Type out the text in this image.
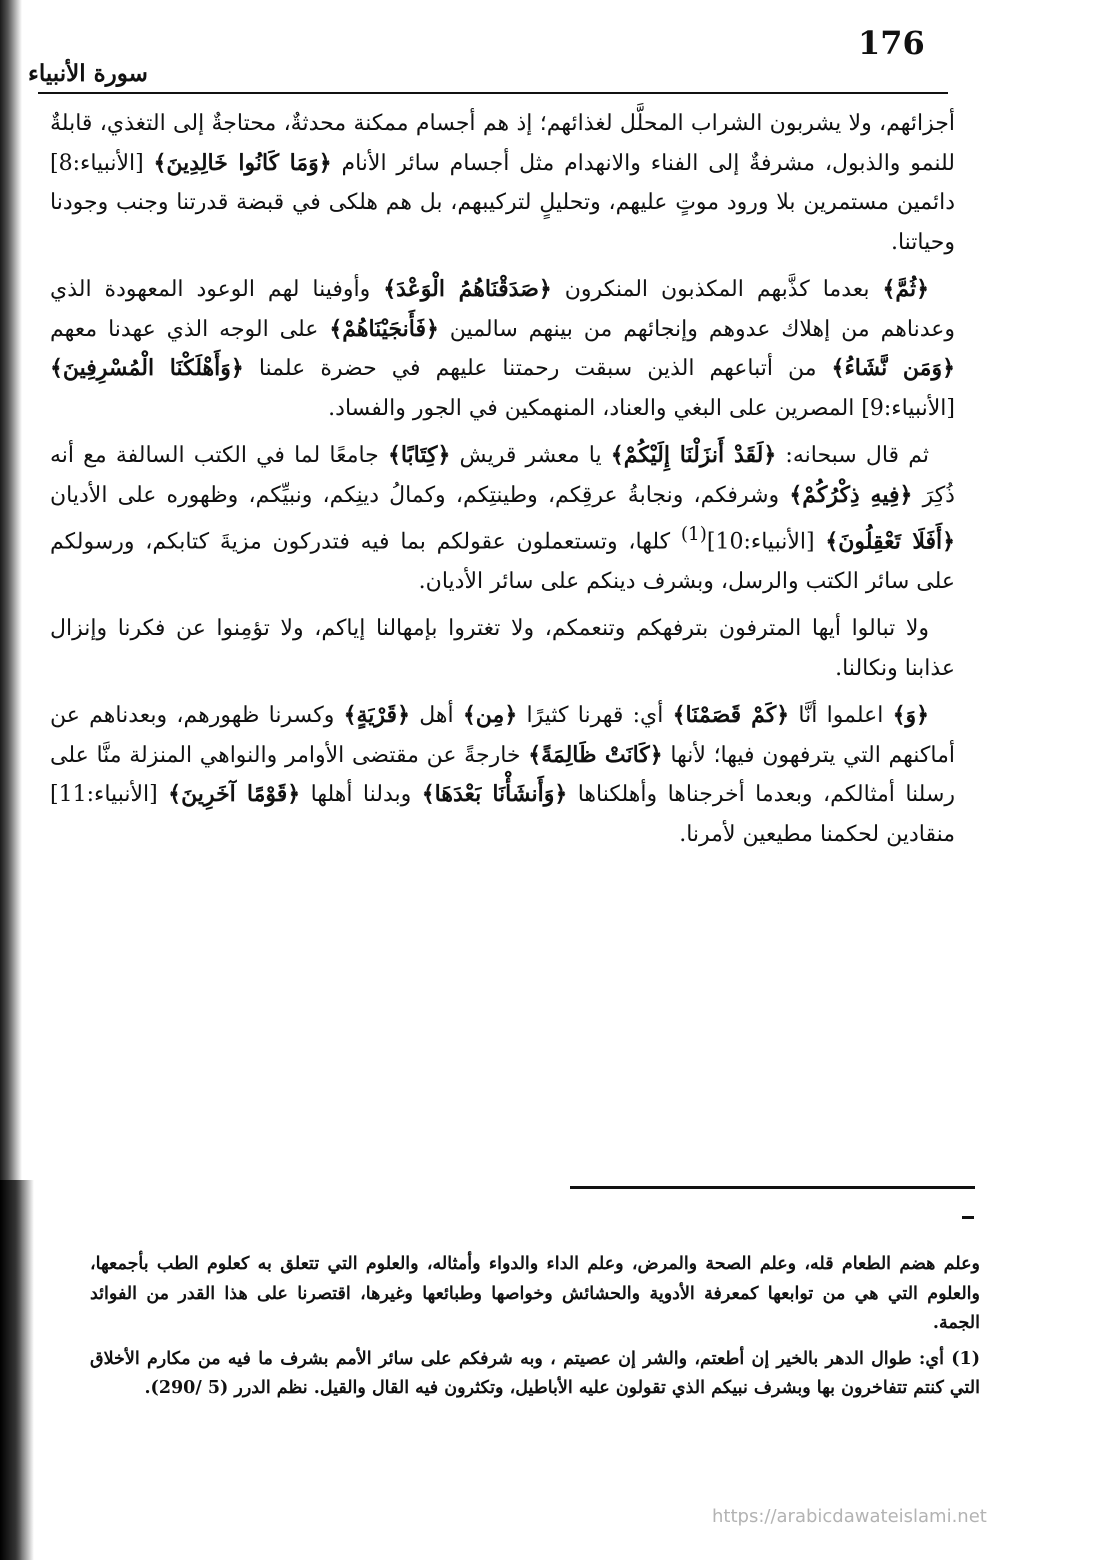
176
سورة الأنبياء

أجزائهم، ولا يشربون الشراب المحلَّل لغذائهم؛ إذ هم أجسام ممكنة محدثةٌ، محتاجةٌ إلى التغذي، قابلةٌ للنمو والذبول، مشرفةٌ إلى الفناء والانهدام مثل أجسام سائر الأنام ﴿وَمَا كَانُوا خَالِدِينَ﴾ [الأنبياء:8] دائمين مستمرين بلا ورود موتٍ عليهم، وتحليلٍ لتركيبهم، بل هم هلكى في قبضة قدرتنا وجنب وجودنا وحياتنا.

﴿ثُمَّ﴾ بعدما كذَّبهم المكذبون المنكرون ﴿صَدَقْنَاهُمُ الْوَعْدَ﴾ وأوفينا لهم الوعود المعهودة الذي وعدناهم من إهلاك عدوهم وإنجائهم من بينهم سالمين ﴿فَأَنجَيْنَاهُمْ﴾ على الوجه الذي عهدنا معهم ﴿وَمَن نَّشَاءُ﴾ من أتباعهم الذين سبقت رحمتنا عليهم في حضرة علمنا ﴿وَأَهْلَكْنَا الْمُسْرِفِينَ﴾ [الأنبياء:9] المصرين على البغي والعناد، المنهمكين في الجور والفساد.

ثم قال سبحانه: ﴿لَقَدْ أَنزَلْنَا إِلَيْكُمْ﴾ يا معشر قريش ﴿كِتَابًا﴾ جامعًا لما في الكتب السالفة مع أنه ذُكِرَ ﴿فِيهِ ذِكْرُكُمْ﴾ وشرفكم، ونجابةُ عرقِكم، وطينتِكم، وكمالُ دينِكم، ونبيِّكم، وظهوره على الأديان ﴿أَفَلَا تَعْقِلُونَ﴾ [الأنبياء:10]$^{(1)}$ كلها، وتستعملون عقولكم بما فيه فتدركون مزيةَ كتابكم، ورسولكم على سائر الكتب والرسل، وبشرف دينكم على سائر الأديان.

ولا تبالوا أيها المترفون بترفهكم وتنعمكم، ولا تغتروا بإمهالنا إياكم، ولا تؤمِنوا عن فكرنا وإنزال عذابنا ونكالنا.

﴿وَ﴾ اعلموا أنَّا ﴿كَمْ قَصَمْنَا﴾ أي: قهرنا كثيرًا ﴿مِن﴾ أهل ﴿قَرْيَةٍ﴾ وكسرنا ظهورهم، وبعدناهم عن أماكنهم التي يترفهون فيها؛ لأنها ﴿كَانَتْ ظَالِمَةً﴾ خارجةً عن مقتضى الأوامر والنواهي المنزلة منَّا على رسلنا أمثالكم، وبعدما أخرجناها وأهلكناها ﴿وَأَنشَأْنَا بَعْدَهَا﴾ وبدلنا أهلها ﴿قَوْمًا آخَرِينَ﴾ [الأنبياء:11] منقادين لحكمنا مطيعين لأمرنا.

وعلم هضم الطعام قله، وعلم الصحة والمرض، وعلم الداء والدواء وأمثاله، والعلوم التي تتعلق به كعلوم الطب بأجمعها، والعلوم التي هي من توابعها كمعرفة الأدوية والحشائش وخواصها وطبائعها وغيرها، اقتصرنا على هذا القدر من الفوائد الجمة.

(1) أي: طوال الدهر بالخير إن أطعتم، والشر إن عصيتم ، وبه شرفكم على سائر الأمم بشرف ما فيه من مكارم الأخلاق التي كنتم تتفاخرون بها وبشرف نبيكم الذي تقولون عليه الأباطيل، وتكثرون فيه القال والقيل. نظم الدرر (5 /290).

https://arabicdawateislami.net
